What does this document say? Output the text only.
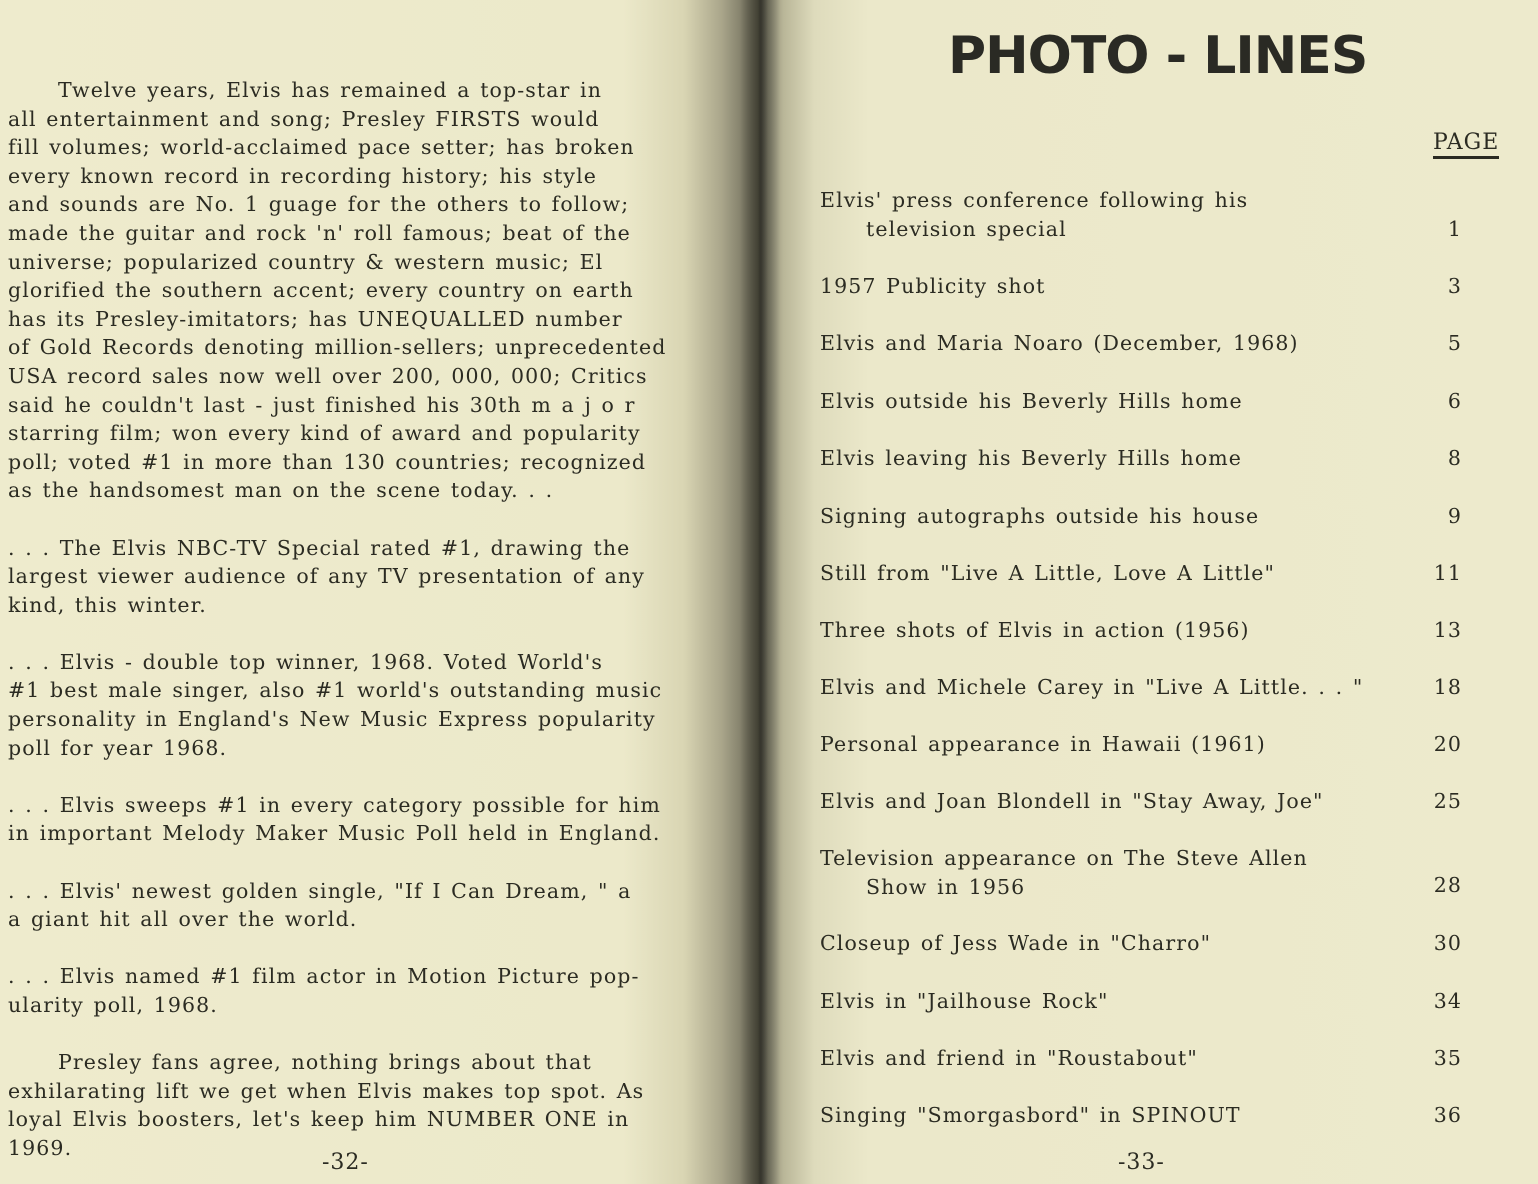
Twelve years, Elvis has remained a top-star in

all entertainment and song; Presley FIRSTS would

fill volumes; world-acclaimed pace setter; has broken

every known record in recording history; his style

and sounds are No. 1 guage for the others to follow;

made the guitar and rock 'n' roll famous; beat of the

universe; popularized country & western music; El

glorified the southern accent; every country on earth

has its Presley-imitators; has UNEQUALLED number

of Gold Records denoting million-sellers; unprecedented

USA record sales now well over 200, 000, 000; Critics

said he couldn't last - just finished his 30th m a j o r

starring film; won every kind of award and popularity

poll; voted #1 in more than 130 countries; recognized

as the handsomest man on the scene today. . .

. . . The Elvis NBC-TV Special rated #1, drawing the

largest viewer audience of any TV presentation of any

kind, this winter.

. . . Elvis - double top winner, 1968. Voted World's

#1 best male singer, also #1 world's outstanding music

personality in England's New Music Express popularity

poll for year 1968.

. . . Elvis sweeps #1 in every category possible for him

in important Melody Maker Music Poll held in England.

. . . Elvis' newest golden single, "If I Can Dream, " a

a giant hit all over the world.

. . . Elvis named #1 film actor in Motion Picture pop-

ularity poll, 1968.

Presley fans agree, nothing brings about that

exhilarating lift we get when Elvis makes top spot. As

loyal Elvis boosters, let's keep him NUMBER ONE in

1969.

-32-
PHOTO - LINES
PAGE
Elvis' press conference following his
television special	1
1957 Publicity shot	3
Elvis and Maria Noaro (December, 1968)	5
Elvis outside his Beverly Hills home	6
Elvis leaving his Beverly Hills home	8
Signing autographs outside his house	9
Still from "Live A Little, Love A Little"	11
Three shots of Elvis in action (1956)	13
Elvis and Michele Carey in "Live A Little. . . "	18
Personal appearance in Hawaii (1961)	20
Elvis and Joan Blondell in "Stay Away, Joe"	25
Television appearance on The Steve Allen
Show in 1956	28
Closeup of Jess Wade in "Charro"	30
Elvis in "Jailhouse Rock"	34
Elvis and friend in "Roustabout"	35
Singing "Smorgasbord" in SPINOUT	36
-33-
